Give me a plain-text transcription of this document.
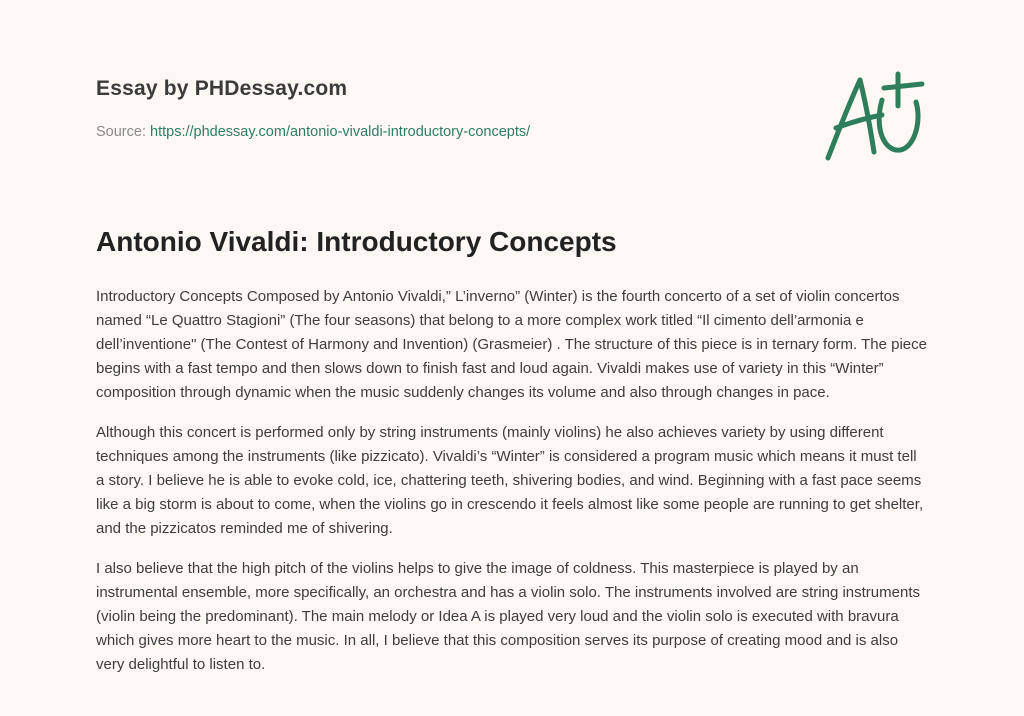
Essay by PHDessay.com
Source: https://phdessay.com/antonio-vivaldi-introductory-concepts/
Antonio Vivaldi: Introductory Concepts

Introductory Concepts Composed by Antonio Vivaldi,” L’inverno” (Winter) is the fourth concerto of a set of violin concertos named “Le Quattro Stagioni” (The four seasons) that belong to a more complex work titled “Il cimento dell’armonia e dell’inventione" (The Contest of Harmony and Invention) (Grasmeier) . The structure of this piece is in ternary form. The piece begins with a fast tempo and then slows down to finish fast and loud again. Vivaldi makes use of variety in this “Winter” composition through dynamic when the music suddenly changes its volume and also through changes in pace.

Although this concert is performed only by string instruments (mainly violins) he also achieves variety by using different techniques among the instruments (like pizzicato). Vivaldi’s “Winter” is considered a program music which means it must tell a story. I believe he is able to evoke cold, ice, chattering teeth, shivering bodies, and wind. Beginning with a fast pace seems like a big storm is about to come, when the violins go in crescendo it feels almost like some people are running to get shelter, and the pizzicatos reminded me of shivering.

I also believe that the high pitch of the violins helps to give the image of coldness. This masterpiece is played by an instrumental ensemble, more specifically, an orchestra and has a violin solo. The instruments involved are string instruments (violin being the predominant). The main melody or Idea A is played very loud and the violin solo is executed with bravura which gives more heart to the music. In all, I believe that this composition serves its purpose of creating mood and is also very delightful to listen to.
